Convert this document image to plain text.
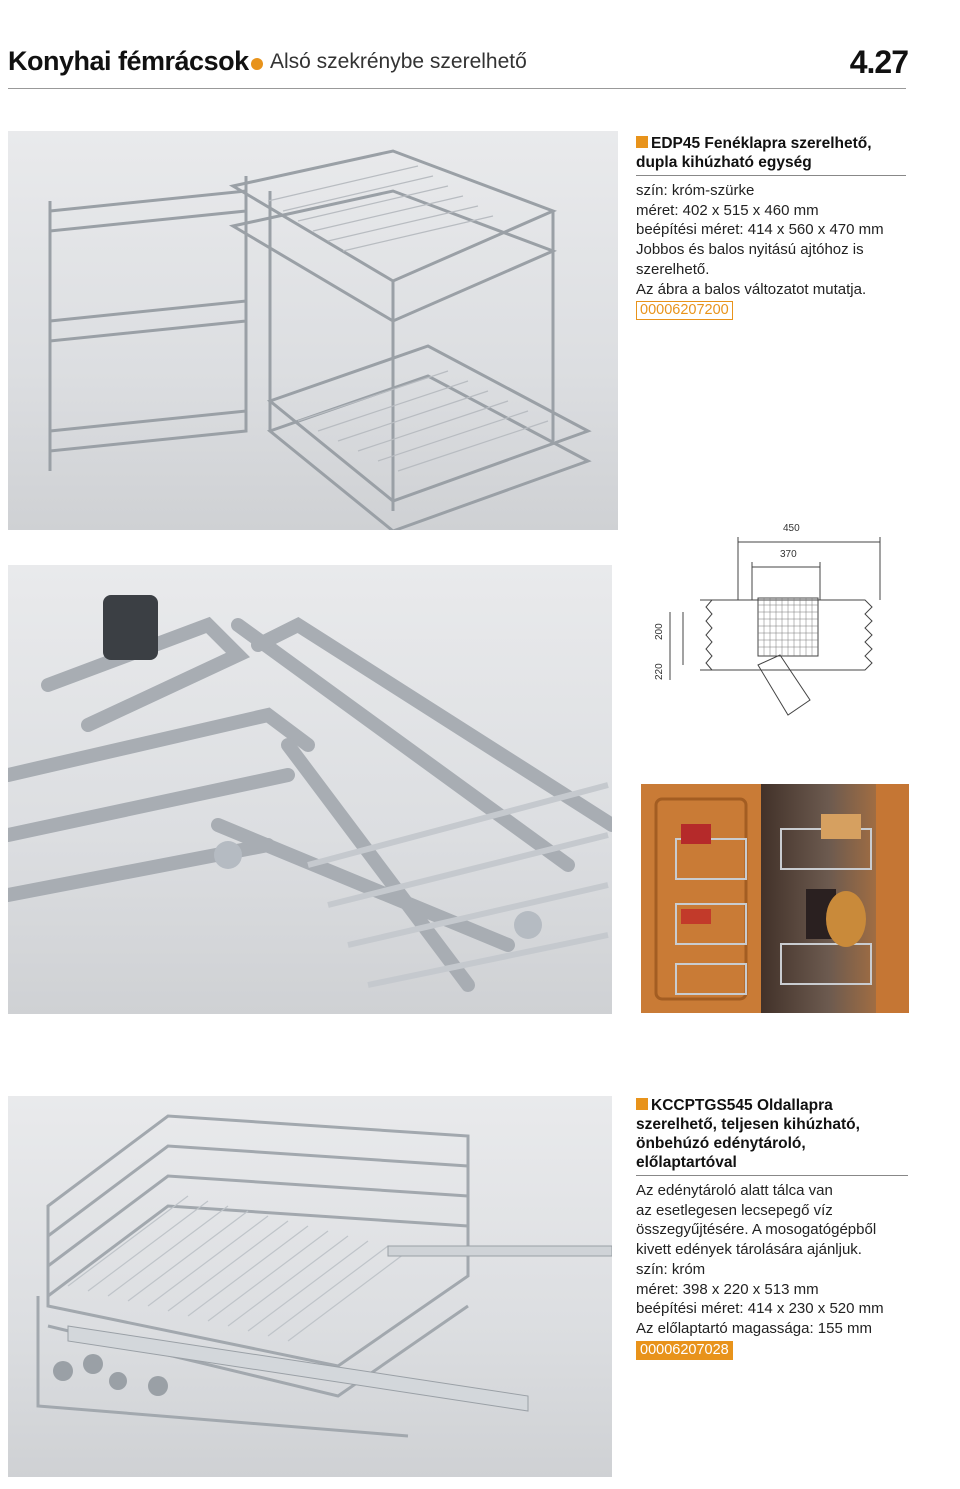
Konyhai fémrácsok Alsó szekrénybe szerelhető	4.27
EDP45 Fenéklapra szerelhető,
dupla kihúzható egység
szín: króm-szürke
méret: 402 x 515 x 460 mm
beépítési méret: 414 x 560 x 470 mm
Jobbos és balos nyitású ajtóhoz is
szerelhető.
Az ábra a balos változatot mutatja.
00006207200
450
370
200
220
KCCPTGS545 Oldallapra
szerelhető, teljesen kihúzható,
önbehúzó edénytároló,
előlaptartóval
Az edénytároló alatt tálca van
az esetlegesen lecsepegő víz
összegyűjtésére. A mosogatógépből
kivett edények tárolására ajánljuk.
szín: króm
méret: 398 x 220 x 513 mm
beépítési méret: 414 x 230 x 520 mm
Az előlaptartó magassága: 155 mm
00006207028
